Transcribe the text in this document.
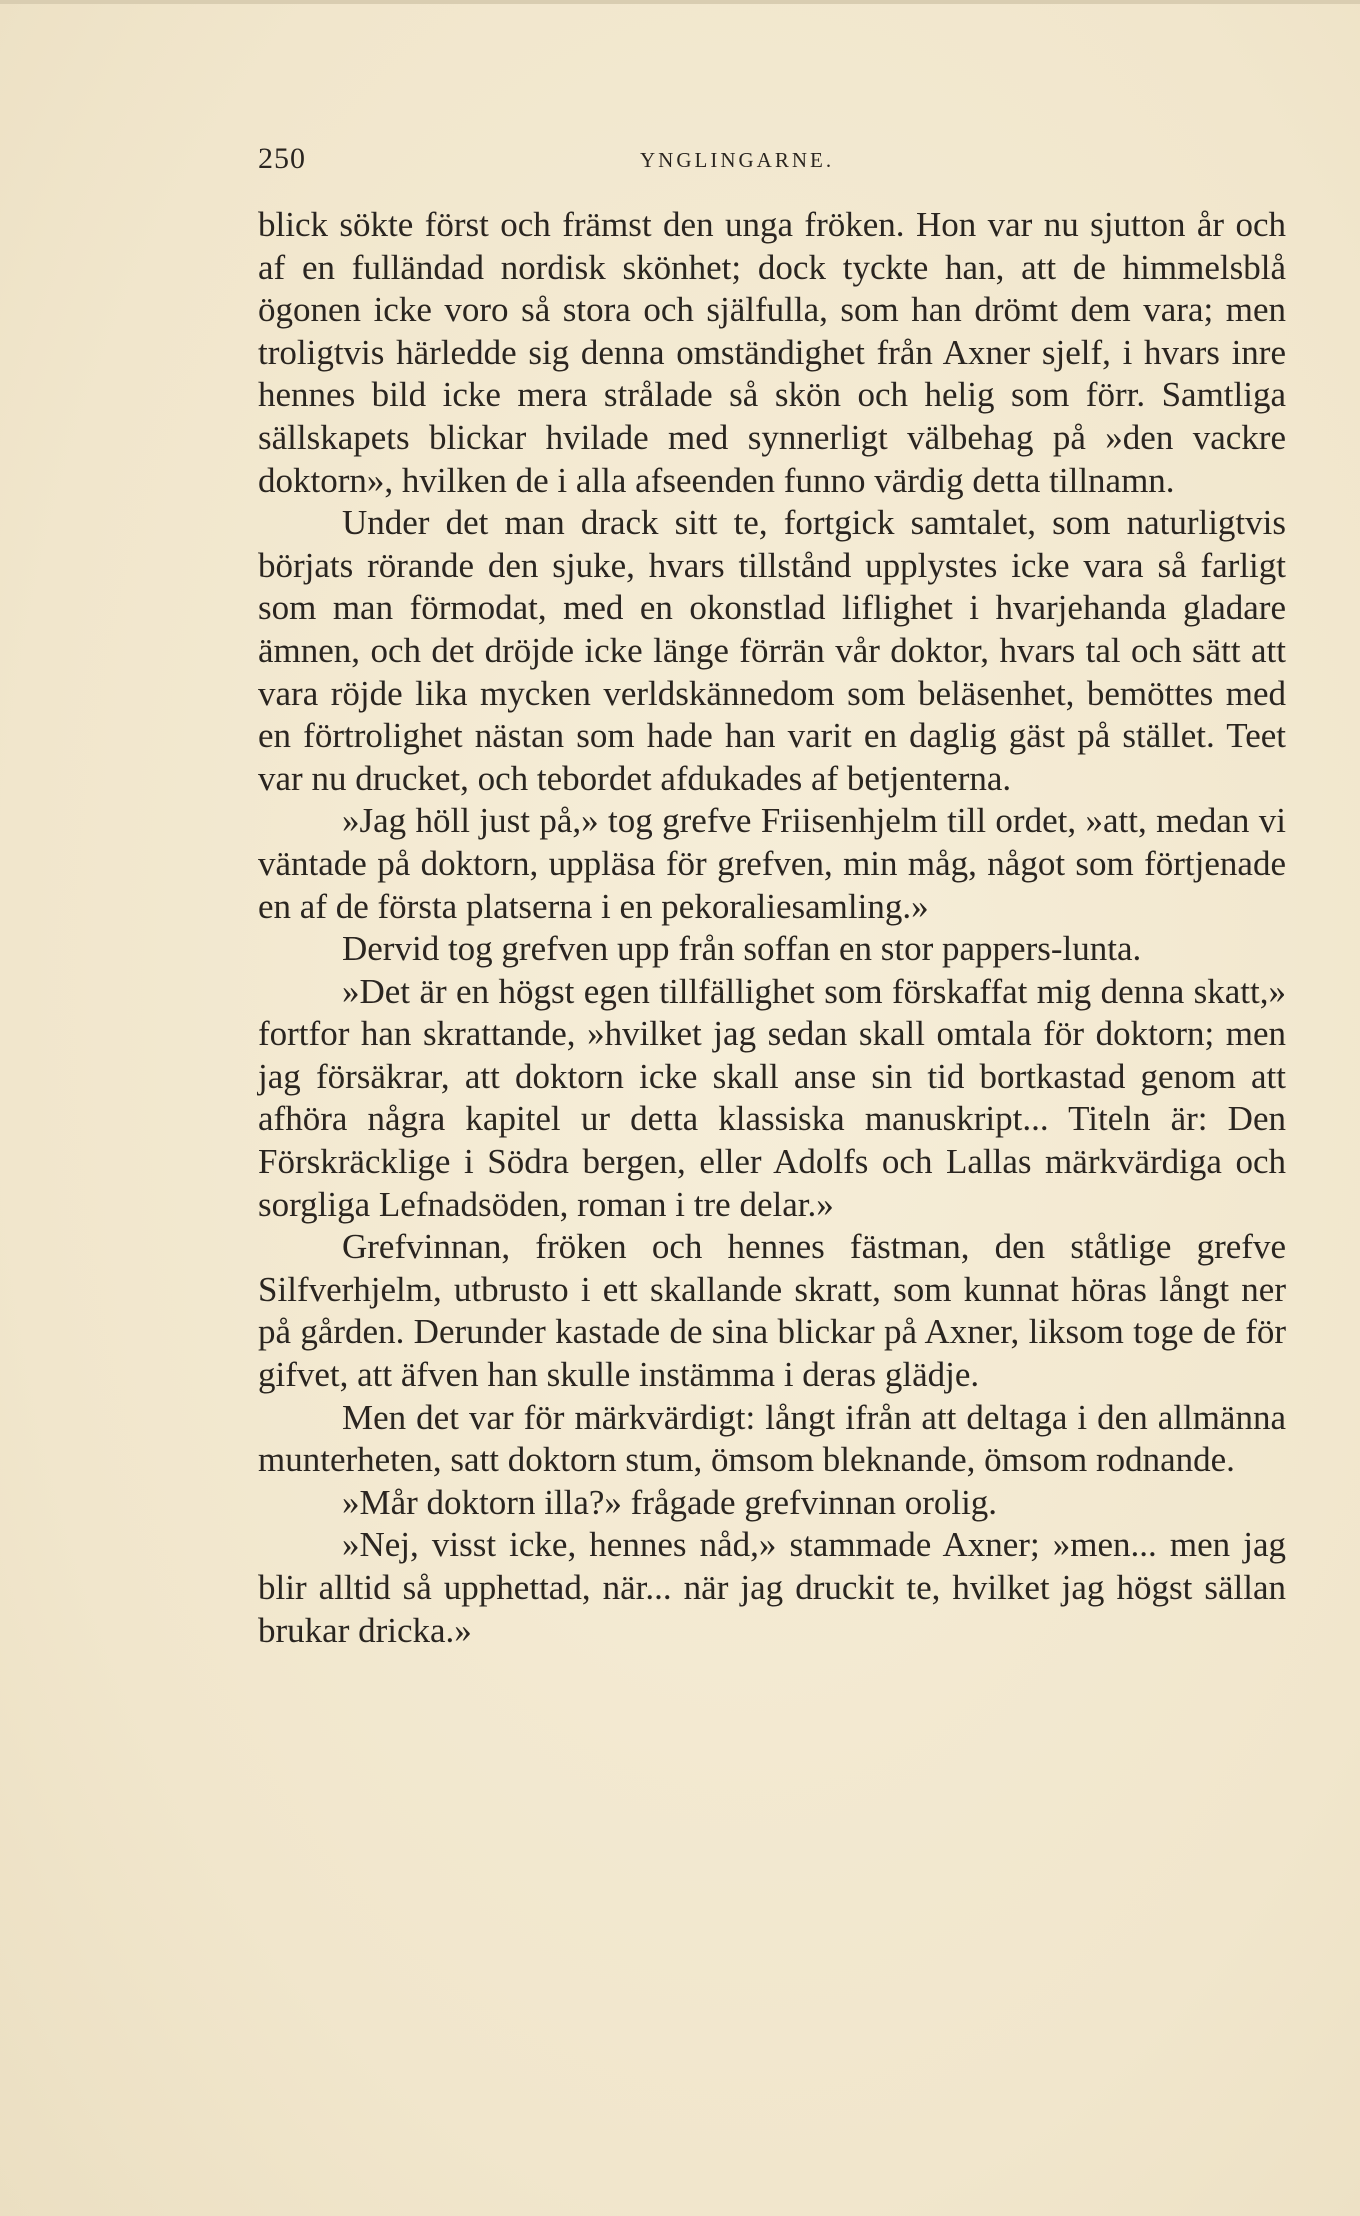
250	YNGLINGARNE.

blick sökte först och främst den unga fröken. Hon var nu sjutton år och af en fulländad nordisk skönhet; dock tyckte han, att de himmelsblå ögonen icke voro så stora och själfulla, som han drömt dem vara; men troligtvis härledde sig denna omständighet från Axner sjelf, i hvars inre hennes bild icke mera strålade så skön och helig som förr. Samtliga sällskapets blickar hvilade med synnerligt välbehag på »den vackre doktorn», hvilken de i alla afseenden funno värdig detta tillnamn.

Under det man drack sitt te, fortgick samtalet, som naturligtvis börjats rörande den sjuke, hvars tillstånd upplystes icke vara så farligt som man förmodat, med en okonstlad liflighet i hvarjehanda gladare ämnen, och det dröjde icke länge förrän vår doktor, hvars tal och sätt att vara röjde lika mycken verldskännedom som beläsenhet, bemöttes med en förtrolighet nästan som hade han varit en daglig gäst på stället. Teet var nu drucket, och tebordet afdukades af betjenterna.

»Jag höll just på,» tog grefve Friisenhjelm till ordet, »att, medan vi väntade på doktorn, uppläsa för grefven, min måg, något som förtjenade en af de första platserna i en pekoraliesamling.»

Dervid tog grefven upp från soffan en stor pappers-lunta.

»Det är en högst egen tillfällighet som förskaffat mig denna skatt,» fortfor han skrattande, »hvilket jag sedan skall omtala för doktorn; men jag försäkrar, att doktorn icke skall anse sin tid bortkastad genom att afhöra några kapitel ur detta klassiska manuskript... Titeln är: Den Förskräcklige i Södra bergen, eller Adolfs och Lallas märkvärdiga och sorgliga Lefnadsöden, roman i tre delar.»

Grefvinnan, fröken och hennes fästman, den ståtlige grefve Silfverhjelm, utbrusto i ett skallande skratt, som kunnat höras långt ner på gården. Derunder kastade de sina blickar på Axner, liksom toge de för gifvet, att äfven han skulle instämma i deras glädje.

Men det var för märkvärdigt: långt ifrån att deltaga i den allmänna munterheten, satt doktorn stum, ömsom bleknande, ömsom rodnande.

»Mår doktorn illa?» frågade grefvinnan orolig.

»Nej, visst icke, hennes nåd,» stammade Axner; »men... men jag blir alltid så upphettad, när... när jag druckit te, hvilket jag högst sällan brukar dricka.»
